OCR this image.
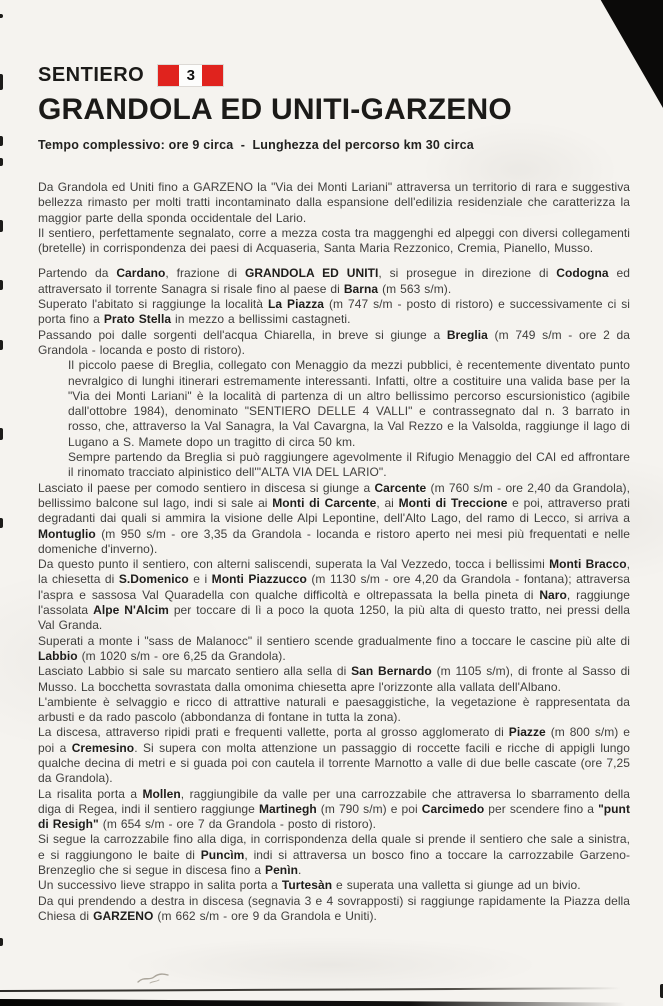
SENTIERO	3
GRANDOLA ED UNITI-GARZENO
Tempo complessivo: ore 9 circa  -  Lunghezza del percorso km 30 circa

Da Grandola ed Uniti fino a GARZENO la "Via dei Monti Lariani" attraversa un territorio di rara e suggestiva bellezza rimasto per molti tratti incontaminato dalla espansione dell'edilizia residenziale che caratterizza la maggior parte della sponda occidentale del Lario.

Il sentiero, perfettamente segnalato, corre a mezza costa tra maggenghi ed alpeggi con diversi collegamenti (bretelle) in corrispondenza dei paesi di Acquaseria, Santa Maria Rezzonico, Cremia, Pianello, Musso.

Partendo da Cardano, frazione di GRANDOLA ED UNITI, si prosegue in direzione di Codogna ed attraversato il torrente Sanagra si risale fino al paese di Barna (m 563 s/m).

Superato l'abitato si raggiunge la località La Piazza (m 747 s/m - posto di ristoro) e successivamente ci si porta fino a Prato Stella in mezzo a bellissimi castagneti.

Passando poi dalle sorgenti dell'acqua Chiarella, in breve si giunge a Breglia (m 749 s/m - ore 2 da Grandola - locanda e posto di ristoro).

Il piccolo paese di Breglia, collegato con Menaggio da mezzi pubblici, è recentemente diventato punto nevralgico di lunghi itinerari estremamente interessanti. Infatti, oltre a costituire una valida base per la "Via dei Monti Lariani" è la località di partenza di un altro bellissimo percorso escursionistico (agibile dall'ottobre 1984), denominato "SENTIERO DELLE 4 VALLI" e contrassegnato dal n. 3 barrato in rosso, che, attraverso la Val Sanagra, la Val Cavargna, la Val Rezzo e la Valsolda, raggiunge il lago di Lugano a S. Mamete dopo un tragitto di circa 50 km.

Sempre partendo da Breglia si può raggiungere agevolmente il Rifugio Menaggio del CAI ed affrontare il rinomato tracciato alpinistico dell'"ALTA VIA DEL LARIO".

Lasciato il paese per comodo sentiero in discesa si giunge a Carcente (m 760 s/m - ore 2,40 da Grandola), bellissimo balcone sul lago, indi si sale ai Monti di Carcente, ai Monti di Treccione e poi, attraverso prati degradanti dai quali si ammira la visione delle Alpi Lepontine, dell'Alto Lago, del ramo di Lecco, si arriva a Montuglio (m 950 s/m - ore 3,35 da Grandola - locanda e ristoro aperto nei mesi più frequentati e nelle domeniche d'inverno).

Da questo punto il sentiero, con alterni saliscendi, superata la Val Vezzedo, tocca i bellissimi Monti Bracco, la chiesetta di S.Domenico e i Monti Piazzucco (m 1130 s/m - ore 4,20 da Grandola - fontana); attraversa l'aspra e sassosa Val Quaradella con qualche difficoltà e oltrepassata la bella pineta di Naro, raggiunge l'assolata Alpe N'Alcim per toccare di lì a poco la quota 1250, la più alta di questo tratto, nei pressi della Val Granda.

Superati a monte i "sass de Malanocc" il sentiero scende gradualmente fino a toccare le cascine più alte di Labbio (m 1020 s/m - ore 6,25 da Grandola).

Lasciato Labbio si sale su marcato sentiero alla sella di San Bernardo (m 1105 s/m), di fronte al Sasso di Musso. La bocchetta sovrastata dalla omonima chiesetta apre l'orizzonte alla vallata dell'Albano.

L'ambiente è selvaggio e ricco di attrattive naturali e paesaggistiche, la vegetazione è rappresentata da arbusti e da rado pascolo (abbondanza di fontane in tutta la zona).

La discesa, attraverso ripidi prati e frequenti vallette, porta al grosso agglomerato di Piazze (m 800 s/m) e poi a Cremesino. Si supera con molta attenzione un passaggio di roccette facili e ricche di appigli lungo qualche decina di metri e si guada poi con cautela il torrente Marnotto a valle di due belle cascate (ore 7,25 da Grandola).

La risalita porta a Mollen, raggiungibile da valle per una carrozzabile che attraversa lo sbarramento della diga di Regea, indi il sentiero raggiunge Martinegh (m 790 s/m) e poi Carcimedo per scendere fino a "punt di Resigh" (m 654 s/m - ore 7 da Grandola - posto di ristoro).

Si segue la carrozzabile fino alla diga, in corrispondenza della quale si prende il sentiero che sale a sinistra, e si raggiungono le baite di Puncìm, indi si attraversa un bosco fino a toccare la carrozzabile Garzeno-Brenzeglio che si segue in discesa fino a Penìn.

Un successivo lieve strappo in salita porta a Turtesàn e superata una valletta si giunge ad un bivio.

Da qui prendendo a destra in discesa (segnavia 3 e 4 sovrapposti) si raggiunge rapidamente la Piazza della Chiesa di GARZENO (m 662 s/m - ore 9 da Grandola e Uniti).
